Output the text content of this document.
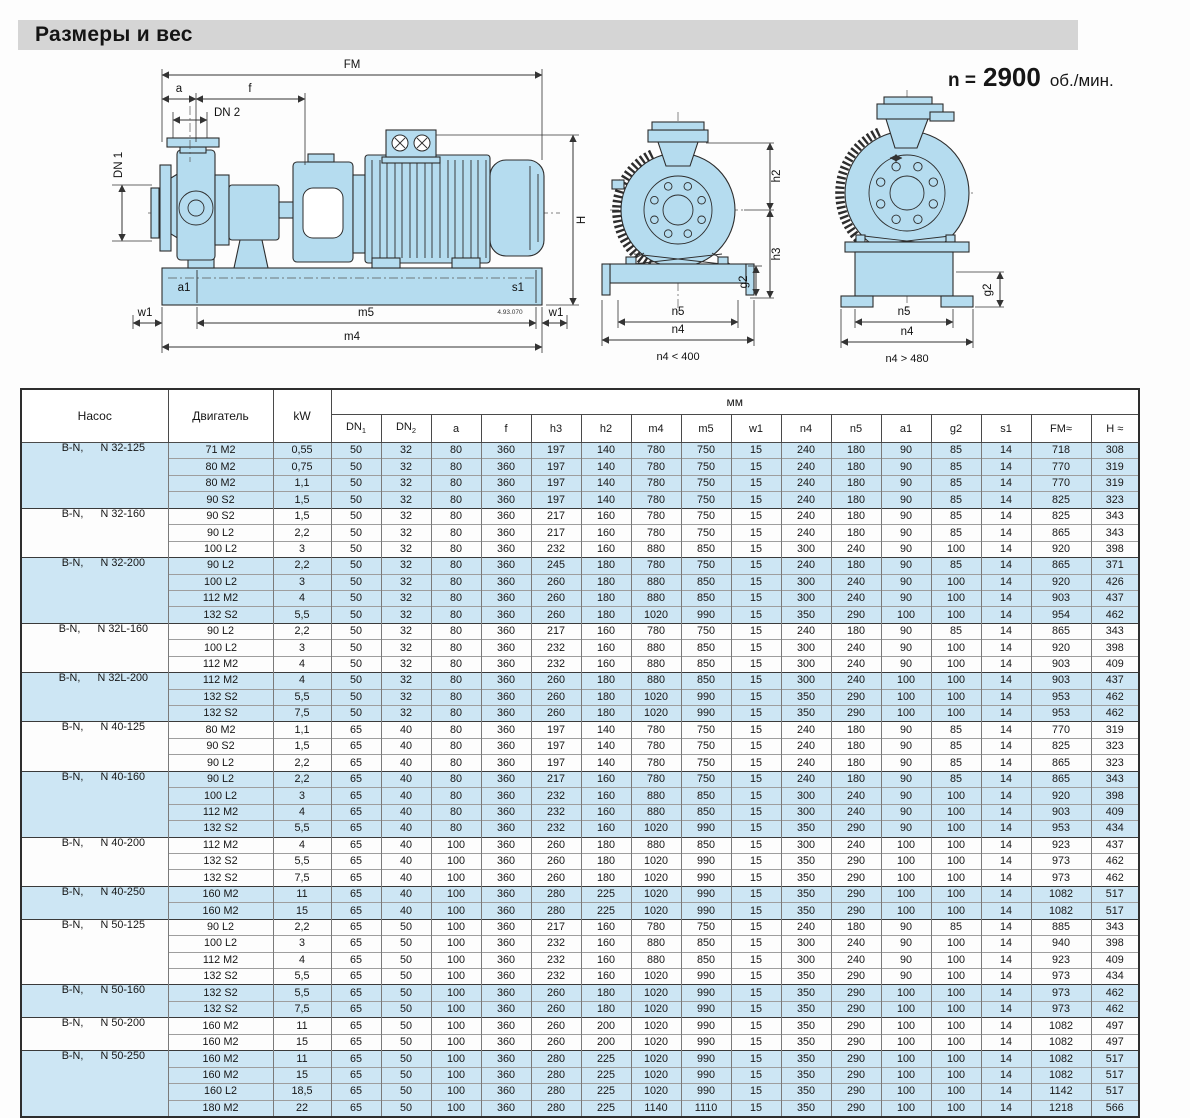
Размеры и вес
n = 2900 об./мин.
FM
a	f
DN 2
DN 1
a1	s1
H
4.93.070
w1	m5	w1
m4
h2
h3
g2
n5
n4
n4 < 400
g2
n5
n4
n4 > 480
Насос	Двигатель	kW	мм															
			$DN_1$	$DN_2$	a	f	h3	h2	m4	m5	w1	n4	n5	a1	g2	s1	FM≈	H ≈
B-N, N 32-125	71 M2	0,55	50	32	80	360	197	140	780	750	15	240	180	90	85	14	718	308
	80 M2	0,75	50	32	80	360	197	140	780	750	15	240	180	90	85	14	770	319
	80 M2	1,1	50	32	80	360	197	140	780	750	15	240	180	90	85	14	770	319
	90 S2	1,5	50	32	80	360	197	140	780	750	15	240	180	90	85	14	825	323
B-N, N 32-160	90 S2	1,5	50	32	80	360	217	160	780	750	15	240	180	90	85	14	825	343
	90 L2	2,2	50	32	80	360	217	160	780	750	15	240	180	90	85	14	865	343
	100 L2	3	50	32	80	360	232	160	880	850	15	300	240	90	100	14	920	398
B-N, N 32-200	90 L2	2,2	50	32	80	360	245	180	780	750	15	240	180	90	85	14	865	371
	100 L2	3	50	32	80	360	260	180	880	850	15	300	240	90	100	14	920	426
	112 M2	4	50	32	80	360	260	180	880	850	15	300	240	90	100	14	903	437
	132 S2	5,5	50	32	80	360	260	180	1020	990	15	350	290	100	100	14	954	462
B-N, N 32L-160	90 L2	2,2	50	32	80	360	217	160	780	750	15	240	180	90	85	14	865	343
	100 L2	3	50	32	80	360	232	160	880	850	15	300	240	90	100	14	920	398
	112 M2	4	50	32	80	360	232	160	880	850	15	300	240	90	100	14	903	409
B-N, N 32L-200	112 M2	4	50	32	80	360	260	180	880	850	15	300	240	100	100	14	903	437
	132 S2	5,5	50	32	80	360	260	180	1020	990	15	350	290	100	100	14	953	462
	132 S2	7,5	50	32	80	360	260	180	1020	990	15	350	290	100	100	14	953	462
B-N, N 40-125	80 M2	1,1	65	40	80	360	197	140	780	750	15	240	180	90	85	14	770	319
	90 S2	1,5	65	40	80	360	197	140	780	750	15	240	180	90	85	14	825	323
	90 L2	2,2	65	40	80	360	197	140	780	750	15	240	180	90	85	14	865	323
B-N, N 40-160	90 L2	2,2	65	40	80	360	217	160	780	750	15	240	180	90	85	14	865	343
	100 L2	3	65	40	80	360	232	160	880	850	15	300	240	90	100	14	920	398
	112 M2	4	65	40	80	360	232	160	880	850	15	300	240	90	100	14	903	409
	132 S2	5,5	65	40	80	360	232	160	1020	990	15	350	290	90	100	14	953	434
B-N, N 40-200	112 M2	4	65	40	100	360	260	180	880	850	15	300	240	100	100	14	923	437
	132 S2	5,5	65	40	100	360	260	180	1020	990	15	350	290	100	100	14	973	462
	132 S2	7,5	65	40	100	360	260	180	1020	990	15	350	290	100	100	14	973	462
B-N, N 40-250	160 M2	11	65	40	100	360	280	225	1020	990	15	350	290	100	100	14	1082	517
	160 M2	15	65	40	100	360	280	225	1020	990	15	350	290	100	100	14	1082	517
B-N, N 50-125	90 L2	2,2	65	50	100	360	217	160	780	750	15	240	180	90	85	14	885	343
	100 L2	3	65	50	100	360	232	160	880	850	15	300	240	90	100	14	940	398
	112 M2	4	65	50	100	360	232	160	880	850	15	300	240	90	100	14	923	409
	132 S2	5,5	65	50	100	360	232	160	1020	990	15	350	290	90	100	14	973	434
B-N, N 50-160	132 S2	5,5	65	50	100	360	260	180	1020	990	15	350	290	100	100	14	973	462
	132 S2	7,5	65	50	100	360	260	180	1020	990	15	350	290	100	100	14	973	462
B-N, N 50-200	160 M2	11	65	50	100	360	260	200	1020	990	15	350	290	100	100	14	1082	497
	160 M2	15	65	50	100	360	260	200	1020	990	15	350	290	100	100	14	1082	497
B-N, N 50-250	160 M2	11	65	50	100	360	280	225	1020	990	15	350	290	100	100	14	1082	517
	160 M2	15	65	50	100	360	280	225	1020	990	15	350	290	100	100	14	1082	517
	160 L2	18,5	65	50	100	360	280	225	1020	990	15	350	290	100	100	14	1142	517
	180 M2	22	65	50	100	360	280	225	1140	1110	15	350	290	100	100	14	1218	566
